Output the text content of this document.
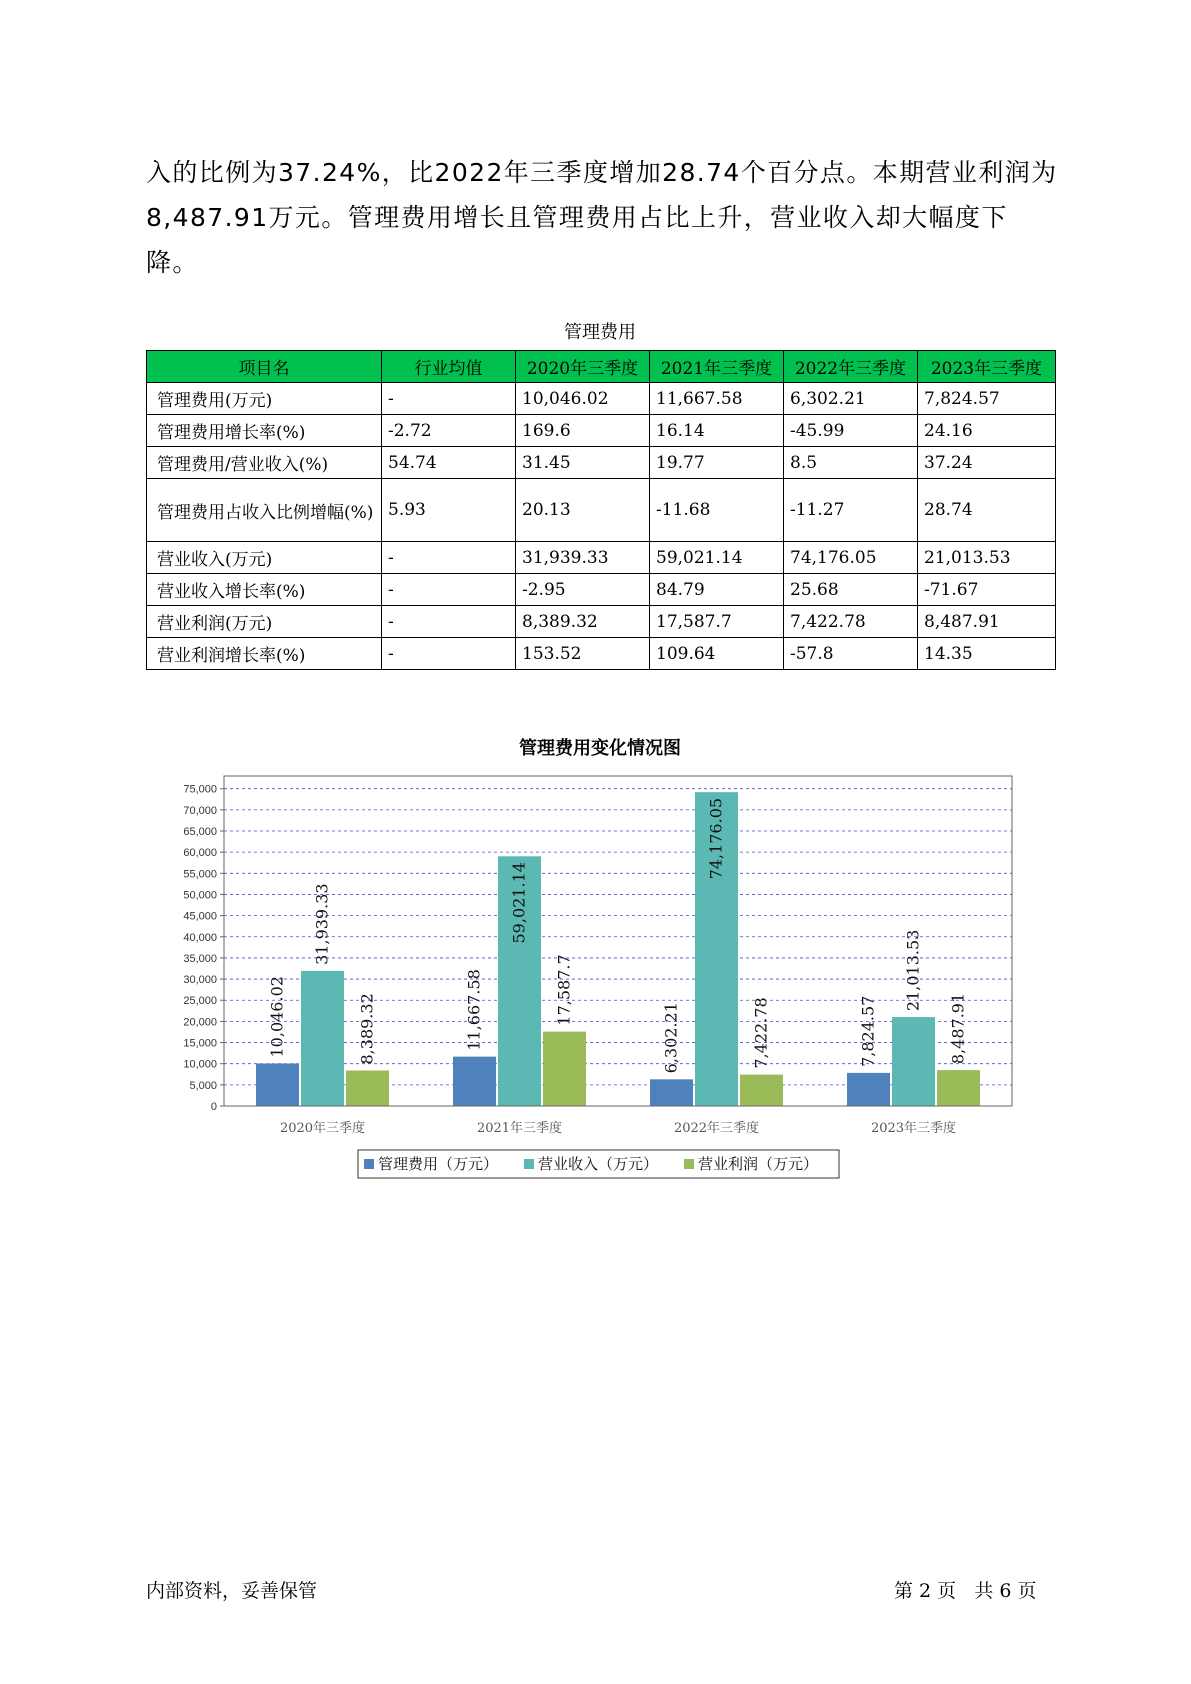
入的比例为37.24%，比2022年三季度增加28.74个百分点。本期营业利润为
8,487.91万元。管理费用增长且管理费用占比上升，营业收入却大幅度下
降。
管理费用
项目名	行业均值	2020年三季度	2021年三季度	2022年三季度	2023年三季度
管理费用(万元)	-	10,046.02	11,667.58	6,302.21	7,824.57
管理费用增长率(%)	-2.72	169.6	16.14	-45.99	24.16
管理费用/营业收入(%)	54.74	31.45	19.77	8.5	37.24
管理费用占收入比例增幅(%)	5.93	20.13	-11.68	-11.27	28.74
营业收入(万元)	-	31,939.33	59,021.14	74,176.05	21,013.53
营业收入增长率(%)	-	-2.95	84.79	25.68	-71.67
营业利润(万元)	-	8,389.32	17,587.7	7,422.78	8,487.91
营业利润增长率(%)	-	153.52	109.64	-57.8	14.35
管理费用变化情况图
0
5,000
10,000
15,000
20,000
25,000
30,000
35,000
40,000
45,000
50,000
55,000
60,000
65,000
70,000
75,000
10,046.02
31,939.33
8,389.32
2020年三季度
11,667.58
59,021.14
17,587.7
2021年三季度
6,302.21
74,176.05
7,422.78
2022年三季度
7,824.57
21,013.53
8,487.91
2023年三季度
管理费用（万元）	营业收入（万元）	营业利润（万元）
内部资料，妥善保管	第 2 页   共 6 页
